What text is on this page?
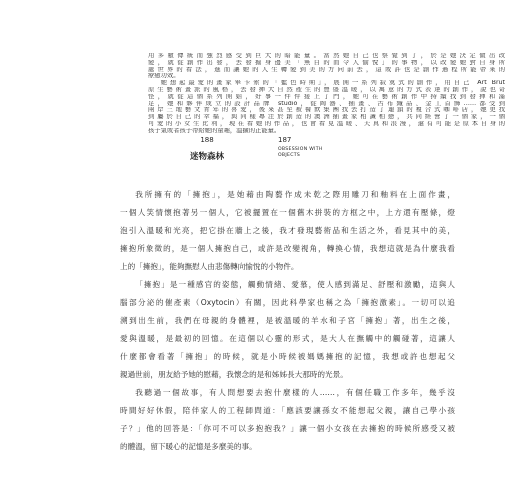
用多數傳統而強烈感受到巨大的暗能量。當然她自己也察覺到了，於是她決定做出改
變，就從創作出發，去發掘身邊美「無目的而令人愉悅」的事物，以改變她對自身所
處世界的看法，進而讓她的人生轉變到美的方向前去，這或許也是創作過程所能帶來的
療癒功效。
她想起最愛的畫家畢卡索的「藍色時期」，展開一系列寂寞式的創作，用自己 Art Brut
原生藝術畫派的風格，去發揮大自然產生的豐盛溫暖，以寓意的方式表達的創作，說也奇
怪，就從這個系列開始，好事一件件接上了門，她可在藝術創作中持續找到發揮和滿
足，她和夥伴成立的設計品牌 studio，從陶器、插畫、古布織品、金工首飾……都受到
兩岸三地藝文青年的喜愛，後來甚至被餐飲集團找去打造了連鎖的複合式咖啡店，她更找
到屬於自己的幸福，與同樣專注於創造的澳洲插畫家相識相戀，共同經營了一個家，一個
可愛的小女生比利，現在看她的作品，也會看見溫暖、天真和浪漫，還有可能是原本自身的
孩子氣或者孩子帶給她的童趣，溫擴的正能量。
188
迷物森林
187
OBSESSION WITH
OBJECTS
我所擁有的「擁抱」，是她藉由陶藝作成未乾之際用雕刀和釉料在上面作畫，
一個人笑情懷抱著另一個人，它被擺置在一個舊木拼裝的方框之中，上方還有壓條，燈
泡引入溫暖和光亮，把它掛在牆上之後，我才發現藝術品和生活之外，看見其中的美，
擁抱所象徵的，是一個人擁抱自己，或許是改變視角，轉換心情，我想這就是為什麼我看
上的「擁抱」，能夠撫慰人由悲傷轉向愉悅的小物件。
「擁抱」是一種感官的姿態，觸動情緒、愛慕，使人感到滿足、舒壓和激勵，這與人
腦部分泌的催產素（Oxytocin）有關，因此科學家也稱之為「擁抱激素」。一切可以追
溯到出生前，我們在母親的身體裡，是被溫暖的羊水和子宮「擁抱」著，出生之後，
愛與溫暖，是最初的回憶。在這個以心靈的形式，是大人在撫觸中的觸碰著，這讓人
什麼都會看著「擁抱」的時候，就是小時候被媽媽擁抱的記憶，我想或許也想起父
親過世前，朋友給予她的慰藉，我懷念的是和姊姊長大那時的光景。
我聽過一個故事，有人問想要去抱什麼樣的人……，有個任職工作多年，幾乎沒
時間好好休假，陪伴家人的工程師問道：「應該要讓孫女不能想起父親，讓自己學小孩
子？」他的回答是：「你可不可以多抱抱我？」讓一個小女孩在去擁抱的時候所感受又被
的體溫，留下暖心的記憶是多麼美的事。
